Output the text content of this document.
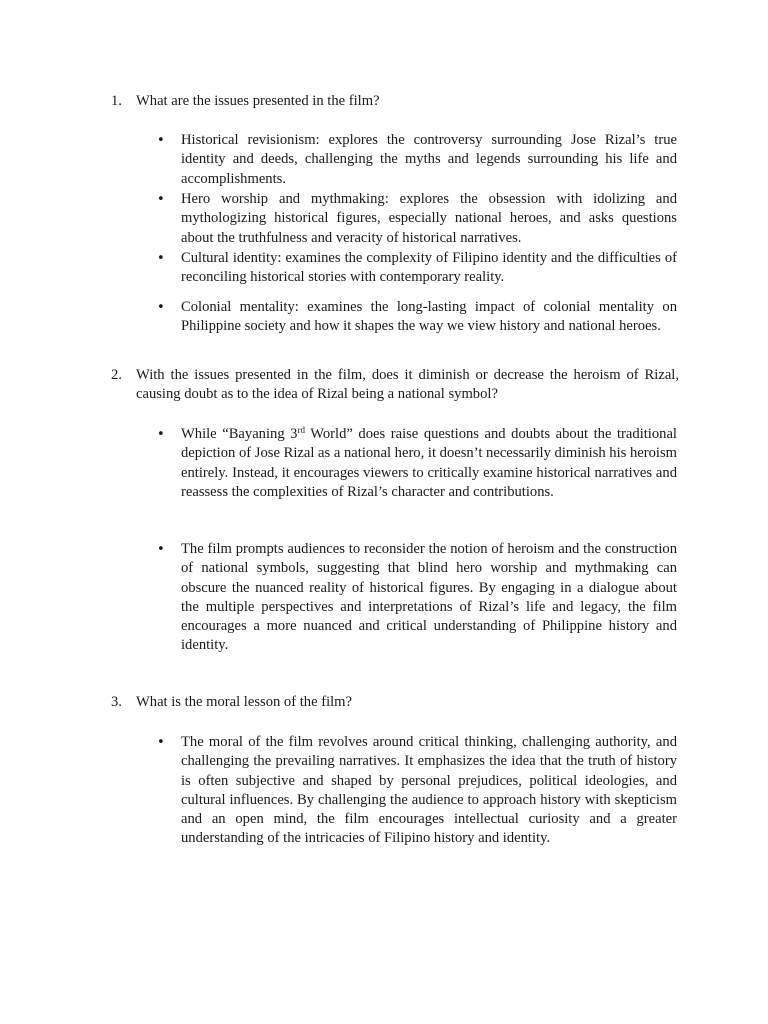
1. What are the issues presented in the film?
• Historical revisionism: explores the controversy surrounding Jose Rizal’s true identity and deeds, challenging the myths and legends surrounding his life and accomplishments.
• Hero worship and mythmaking: explores the obsession with idolizing and mythologizing historical figures, especially national heroes, and asks questions about the truthfulness and veracity of historical narratives.
• Cultural identity: examines the complexity of Filipino identity and the difficulties of reconciling historical stories with contemporary reality.
• Colonial mentality: examines the long-lasting impact of colonial mentality on Philippine society and how it shapes the way we view history and national heroes.
2. With the issues presented in the film, does it diminish or decrease the heroism of Rizal, causing doubt as to the idea of Rizal being a national symbol?
• While “Bayaning 3rd World” does raise questions and doubts about the traditional depiction of Jose Rizal as a national hero, it doesn’t necessarily diminish his heroism entirely. Instead, it encourages viewers to critically examine historical narratives and reassess the complexities of Rizal’s character and contributions.
• The film prompts audiences to reconsider the notion of heroism and the construction of national symbols, suggesting that blind hero worship and mythmaking can obscure the nuanced reality of historical figures. By engaging in a dialogue about the multiple perspectives and interpretations of Rizal’s life and legacy, the film encourages a more nuanced and critical understanding of Philippine history and identity.
3. What is the moral lesson of the film?
• The moral of the film revolves around critical thinking, challenging authority, and challenging the prevailing narratives. It emphasizes the idea that the truth of history is often subjective and shaped by personal prejudices, political ideologies, and cultural influences. By challenging the audience to approach history with skepticism and an open mind, the film encourages intellectual curiosity and a greater understanding of the intricacies of Filipino history and identity.
